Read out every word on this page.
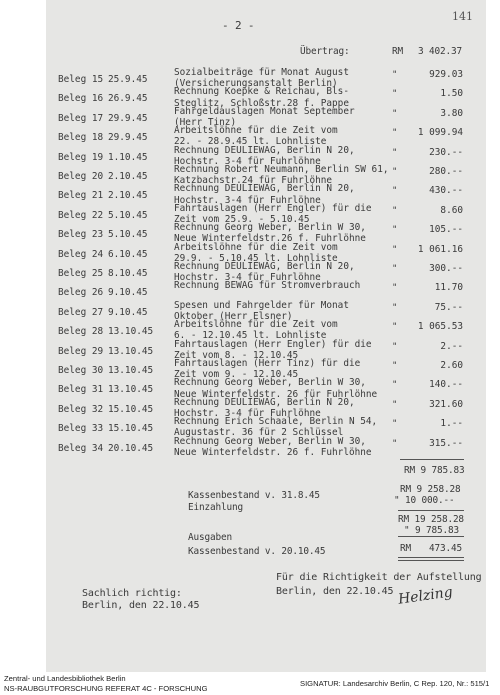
- 2 -
141
Übertrag:	RM	3 402.37
Beleg 15 25.9.45
Sozialbeiträge für Monat August
(Versicherungsanstalt Berlin)
"	929.03
Beleg 16 26.9.45
Rechnung Koepke & Reichau, Bls-
Steglitz, Schloßstr.28 f. Pappe
"	1.50
Beleg 17 29.9.45
Fahrgeldauslagen Monat September
(Herr Tinz)
"	3.80
Beleg 18 29.9.45
Arbeitslöhne für die Zeit vom
22. - 28.9.45 lt. Lohnliste
"	1 099.94
Beleg 19 1.10.45
Rechnung DEULIEWAG, Berlin N 20,
Hochstr. 3-4 für Fuhrlöhne
"	230.--
Beleg 20 2.10.45
Rechnung Robert Neumann, Berlin SW 61,
Katzbachstr.24 für Fuhrlöhne
"	280.--
Beleg 21 2.10.45
Rechnung DEULIEWAG, Berlin N 20,
Hochstr. 3-4 für Fuhrlöhne
"	430.--
Beleg 22 5.10.45
Fahrtauslagen (Herr Engler) für die
Zeit vom 25.9. - 5.10.45
"	8.60
Beleg 23 5.10.45
Rechnung Georg Weber, Berlin W 30,
Neue Winterfeldstr.26 f. Fuhrlöhne
"	105.--
Beleg 24 6.10.45
Arbeitslöhne für die Zeit vom
29.9. - 5.10.45 lt. Lohnliste
"	1 061.16
Beleg 25 8.10.45
Rechnung DEULIEWAG, Berlin N 20,
Hochstr. 3-4 für Fuhrlöhne
"	300.--
Beleg 26 9.10.45
Rechnung BEWAG für Stromverbrauch	"	11.70
Beleg 27 9.10.45
Spesen und Fahrgelder für Monat
Oktober (Herr Elsner)
"	75.--
Beleg 28 13.10.45
Arbeitslöhne für die Zeit vom
6. - 12.10.45 lt. Lohnliste
"	1 065.53
Beleg 29 13.10.45
Fahrtauslagen (Herr Engler) für die
Zeit vom 8. - 12.10.45
"	2.--
Beleg 30 13.10.45
Fahrtauslagen (Herr Tinz) für die
Zeit vom 9. - 12.10.45
"	2.60
Beleg 31 13.10.45
Rechnung Georg Weber, Berlin W 30,
Neue Winterfeldstr. 26 für Fuhrlöhne
"	140.--
Beleg 32 15.10.45
Rechnung DEULIEWAG, Berlin N 20,
Hochstr. 3-4 für Fuhrlöhne
"	321.60
Beleg 33 15.10.45
Rechnung Erich Schaale, Berlin N 54,
Augustastr. 36 für 2 Schlüssel
"	1.--
Beleg 34 20.10.45
Rechnung Georg Weber, Berlin W 30,
Neue Winterfeldstr. 26 f. Fuhrlöhne
"	315.--
RM 9 785.83
Kassenbestand v. 31.8.45
RM 9 258.28
Einzahlung
" 10 000.--
RM 19 258.28
" 9 785.83
Ausgaben
Kassenbestand v. 20.10.45	RM	473.45
Sachlich richtig:
Berlin, den 22.10.45
Für die Richtigkeit der Aufstellung
Berlin, den 22.10.45 Helzing
Zentral- und Landesbibliothek Berlin
NS-RAUBGUTFORSCHUNG REFERAT 4C - FORSCHUNG
SIGNATUR: Landesarchiv Berlin, C Rep. 120, Nr.: 515/1
